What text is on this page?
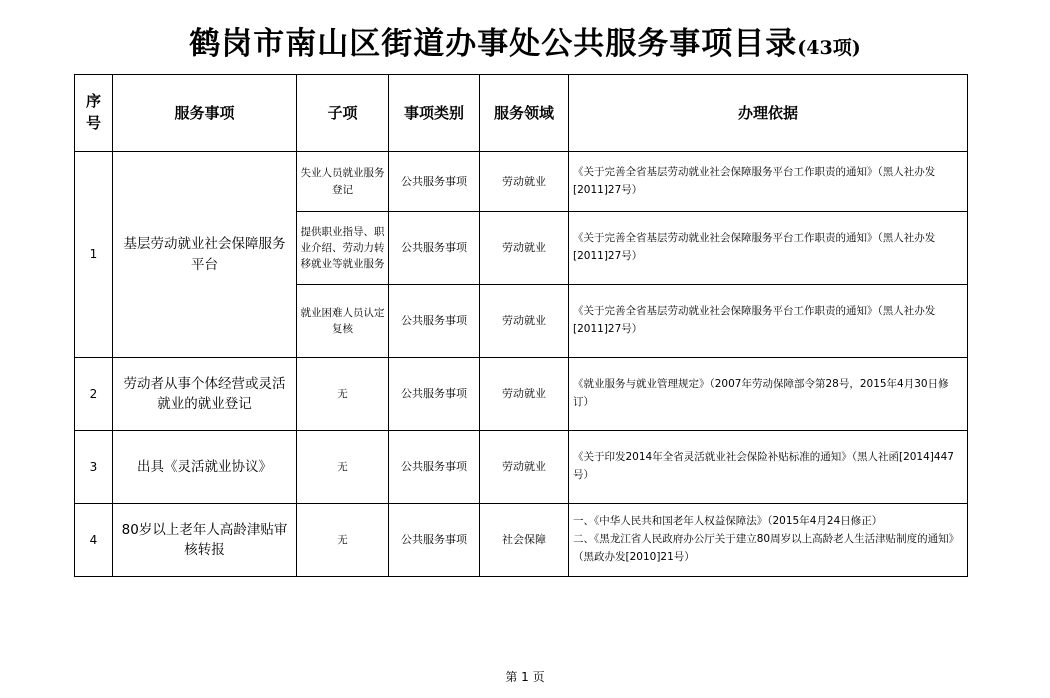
鹤岗市南山区街道办事处公共服务事项目录(43项)
序号	服务事项	子项	事项类别	服务领域	办理依据
1	基层劳动就业社会保障服务平台	失业人员就业服务登记	公共服务事项	劳动就业	《关于完善全省基层劳动就业社会保障服务平台工作职责的通知》（黑人社办发[2011]27号）
		提供职业指导、职业介绍、劳动力转移就业等就业服务	公共服务事项	劳动就业	《关于完善全省基层劳动就业社会保障服务平台工作职责的通知》（黑人社办发[2011]27号）
		就业困难人员认定复核	公共服务事项	劳动就业	《关于完善全省基层劳动就业社会保障服务平台工作职责的通知》（黑人社办发[2011]27号）
2	劳动者从事个体经营或灵活就业的就业登记	无	公共服务事项	劳动就业	《就业服务与就业管理规定》（2007年劳动保障部令第28号，2015年4月30日修订）
3	出具《灵活就业协议》	无	公共服务事项	劳动就业	《关于印发2014年全省灵活就业社会保险补贴标准的通知》（黑人社函[2014]447号）
4	80岁以上老年人高龄津贴审核转报	无	公共服务事项	社会保障	一、《中华人民共和国老年人权益保障法》（2015年4月24日修正）
二、《黑龙江省人民政府办公厅关于建立80周岁以上高龄老人生活津贴制度的通知》（黑政办发[2010]21号）
第 1 页
